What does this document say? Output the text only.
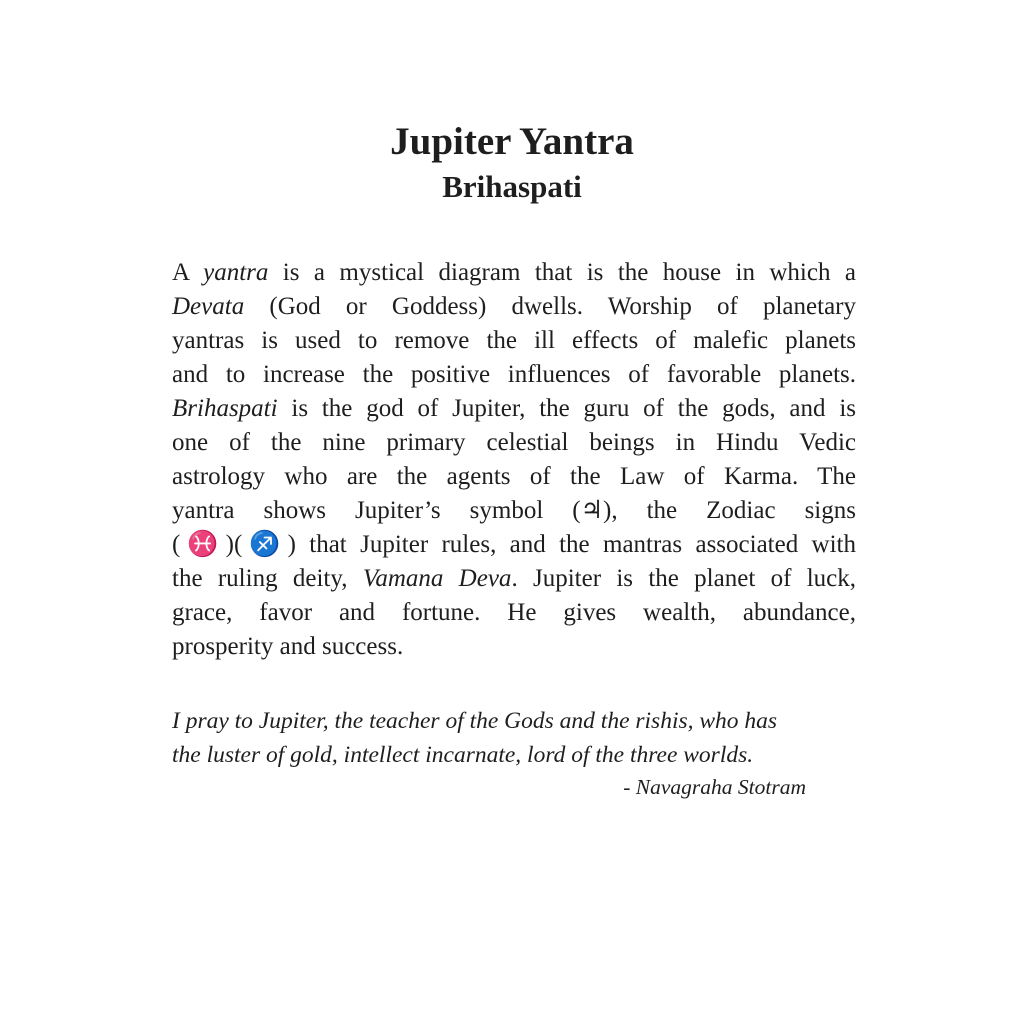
Jupiter Yantra
Brihaspati
A yantra is a mystical diagram that is the house in which a
Devata (God or Goddess) dwells. Worship of planetary
yantras is used to remove the ill effects of malefic planets
and to increase the positive influences of favorable planets.
Brihaspati is the god of Jupiter, the guru of the gods, and is
one of the nine primary celestial beings in Hindu Vedic
astrology who are the agents of the Law of Karma. The
yantra shows Jupiter’s symbol (♃), the Zodiac signs
(♓)(♐) that Jupiter rules, and the mantras associated with
the ruling deity, Vamana Deva. Jupiter is the planet of luck,
grace, favor and fortune. He gives wealth, abundance,
prosperity and success.
I pray to Jupiter, the teacher of the Gods and the rishis, who has
the luster of gold, intellect incarnate, lord of the three worlds.

- Navagraha Stotram
